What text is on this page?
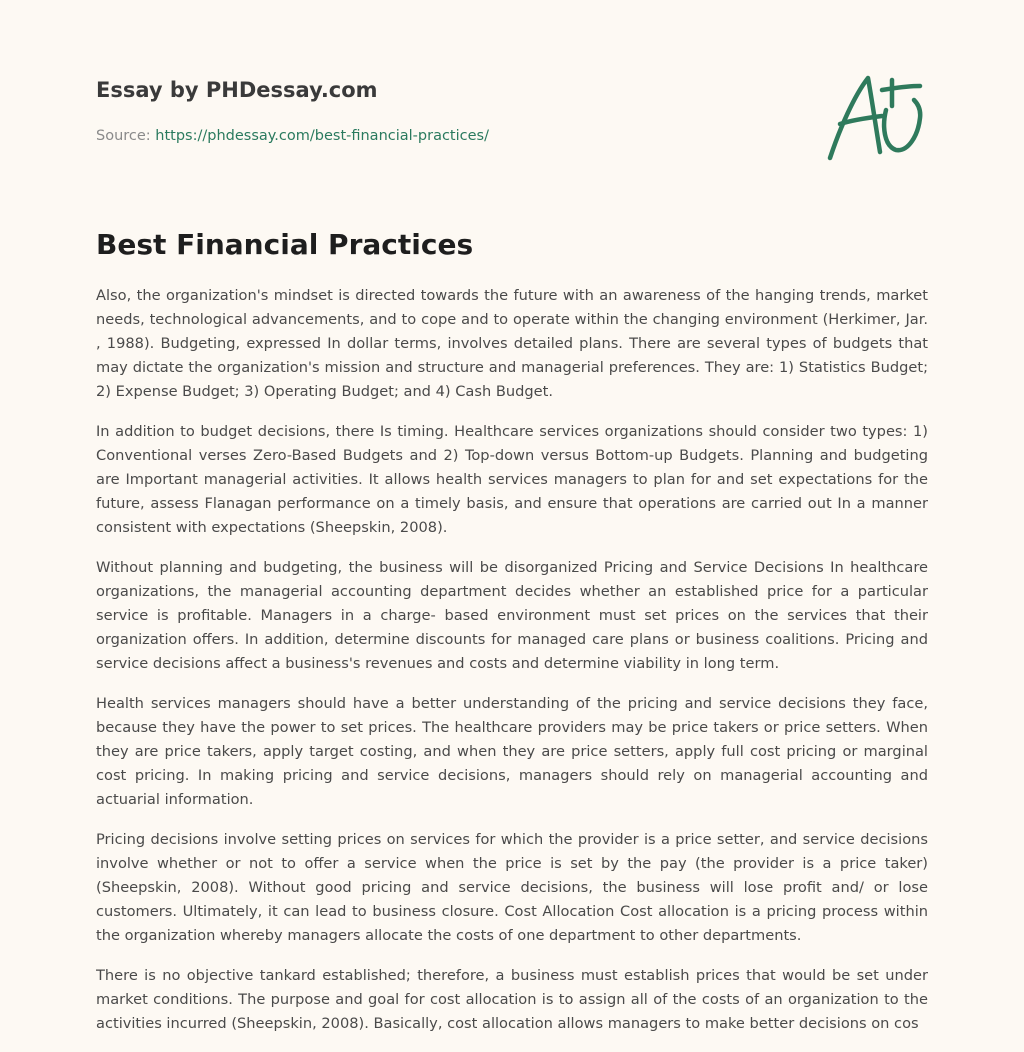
Essay by PHDessay.com
Source: https://phdessay.com/best-financial-practices/
Best Financial Practices

Also, the organization's mindset is directed towards the future with an awareness of the hanging trends, market needs, technological advancements, and to cope and to operate within the changing environment (Herkimer, Jar. , 1988). Budgeting, expressed In dollar terms, involves detailed plans. There are several types of budgets that may dictate the organization's mission and structure and managerial preferences. They are: 1) Statistics Budget; 2) Expense Budget; 3) Operating Budget; and 4) Cash Budget.

In addition to budget decisions, there Is timing. Healthcare services organizations should consider two types: 1) Conventional verses Zero-Based Budgets and 2) Top-down versus Bottom-up Budgets. Planning and budgeting are Important managerial activities. It allows health services managers to plan for and set expectations for the future, assess Flanagan performance on a timely basis, and ensure that operations are carried out In a manner consistent with expectations (Sheepskin, 2008).

Without planning and budgeting, the business will be disorganized Pricing and Service Decisions In healthcare organizations, the managerial accounting department decides whether an established price for a particular service is profitable. Managers in a charge- based environment must set prices on the services that their organization offers. In addition, determine discounts for managed care plans or business coalitions. Pricing and service decisions affect a business's revenues and costs and determine viability in long term.

Health services managers should have a better understanding of the pricing and service decisions they face, because they have the power to set prices. The healthcare providers may be price takers or price setters. When they are price takers, apply target costing, and when they are price setters, apply full cost pricing or marginal cost pricing. In making pricing and service decisions, managers should rely on managerial accounting and actuarial information.

Pricing decisions involve setting prices on services for which the provider is a price setter, and service decisions involve whether or not to offer a service when the price is set by the pay (the provider is a price taker) (Sheepskin, 2008). Without good pricing and service decisions, the business will lose profit and/ or lose customers. Ultimately, it can lead to business closure. Cost Allocation Cost allocation is a pricing process within the organization whereby managers allocate the costs of one department to other departments.

There is no objective tankard established; therefore, a business must establish prices that would be set under market conditions. The purpose and goal for cost allocation is to assign all of the costs of an organization to the activities incurred (Sheepskin, 2008). Basically, cost allocation allows managers to make better decisions on cos
